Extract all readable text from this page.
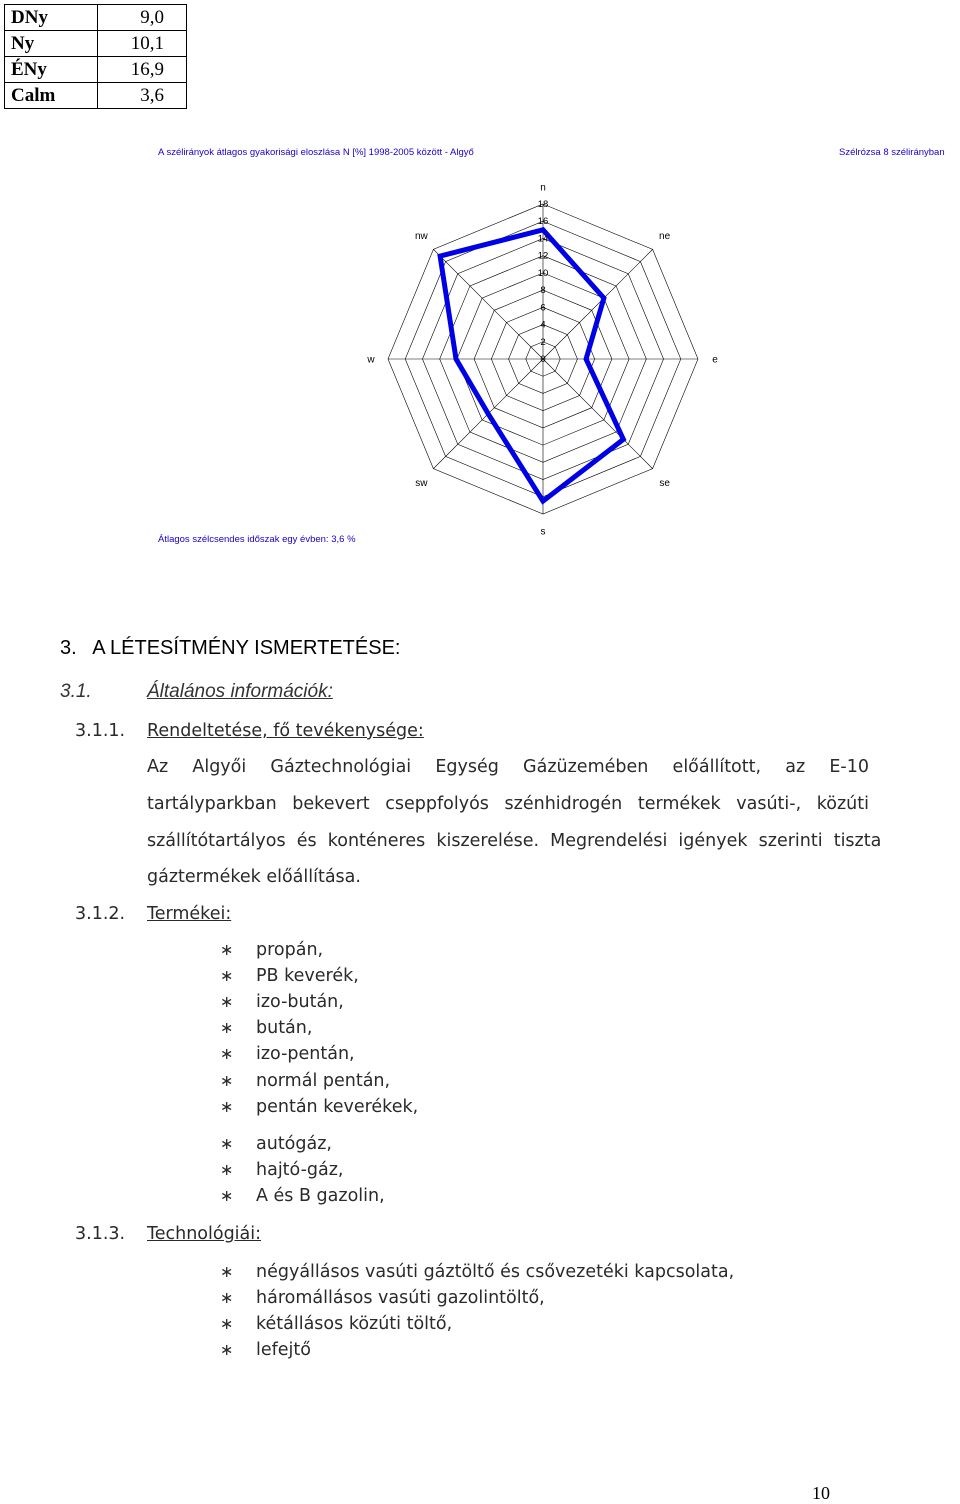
DNy	9,0
Ny	10,1
ÉNy	16,9
Calm	3,6
A szélirányok átlagos gyakorisági eloszlása N [%] 1998-2005 között - Algyő	Szélrózsa 8 szélirányban
0
2
4
6
8
10
12
14
16
18
n
ne
e
se
s
sw
w
nw
Átlagos szélcsendes időszak egy évben: 3,6 %
3.   A LÉTESÍTMÉNY ISMERTETÉSE:
3.1.	Általános információk:
3.1.1. Rendeltetése, fő tevékenysége:
Az  Algyői  Gáztechnológiai  Egység  Gázüzemében  előállított,  az  E-10
tartályparkban  bekevert  cseppfolyós  szénhidrogén  termékek  vasúti-,  közúti
szállítótartályos  és  konténeres  kiszerelése.  Megrendelési  igények  szerinti  tiszta
gáztermékek előállítása.
3.1.2. Termékei:
∗ propán,
∗ PB keverék,
∗ izo-bután,
∗ bután,
∗ izo-pentán,
∗ normál pentán,
∗ pentán keverékek,
∗ autógáz,
∗ hajtó-gáz,
∗ A és B gazolin,
3.1.3. Technológiái:
∗ négyállásos vasúti gáztöltő és csővezetéki kapcsolata,
∗ háromállásos vasúti gazolintöltő,
∗ kétállásos közúti töltő,
∗ lefejtő
10
